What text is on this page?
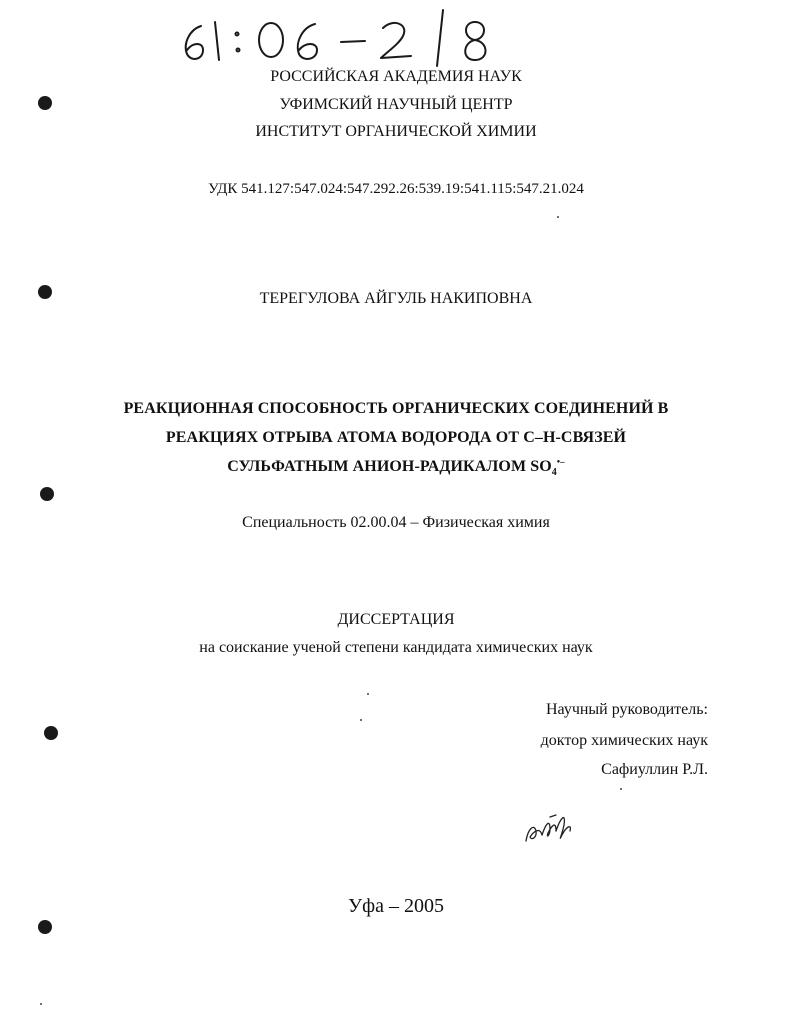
РОССИЙСКАЯ АКАДЕМИЯ НАУК
УФИМСКИЙ НАУЧНЫЙ ЦЕНТР
ИНСТИТУТ ОРГАНИЧЕСКОЙ ХИМИИ
УДК 541.127:547.024:547.292.26:539.19:541.115:547.21.024
ТЕРЕГУЛОВА АЙГУЛЬ НАКИПОВНА
РЕАКЦИОННАЯ СПОСОБНОСТЬ ОРГАНИЧЕСКИХ СОЕДИНЕНИЙ В
РЕАКЦИЯХ ОТРЫВА АТОМА ВОДОРОДА ОТ С–Н-СВЯЗЕЙ
СУЛЬФАТНЫМ АНИОН-РАДИКАЛОМ $SO_4^{•-}$
Специальность 02.00.04 – Физическая химия
ДИССЕРТАЦИЯ
на соискание ученой степени кандидата химических наук
Научный руководитель:
доктор химических наук
Сафиуллин Р.Л.
Уфа – 2005
